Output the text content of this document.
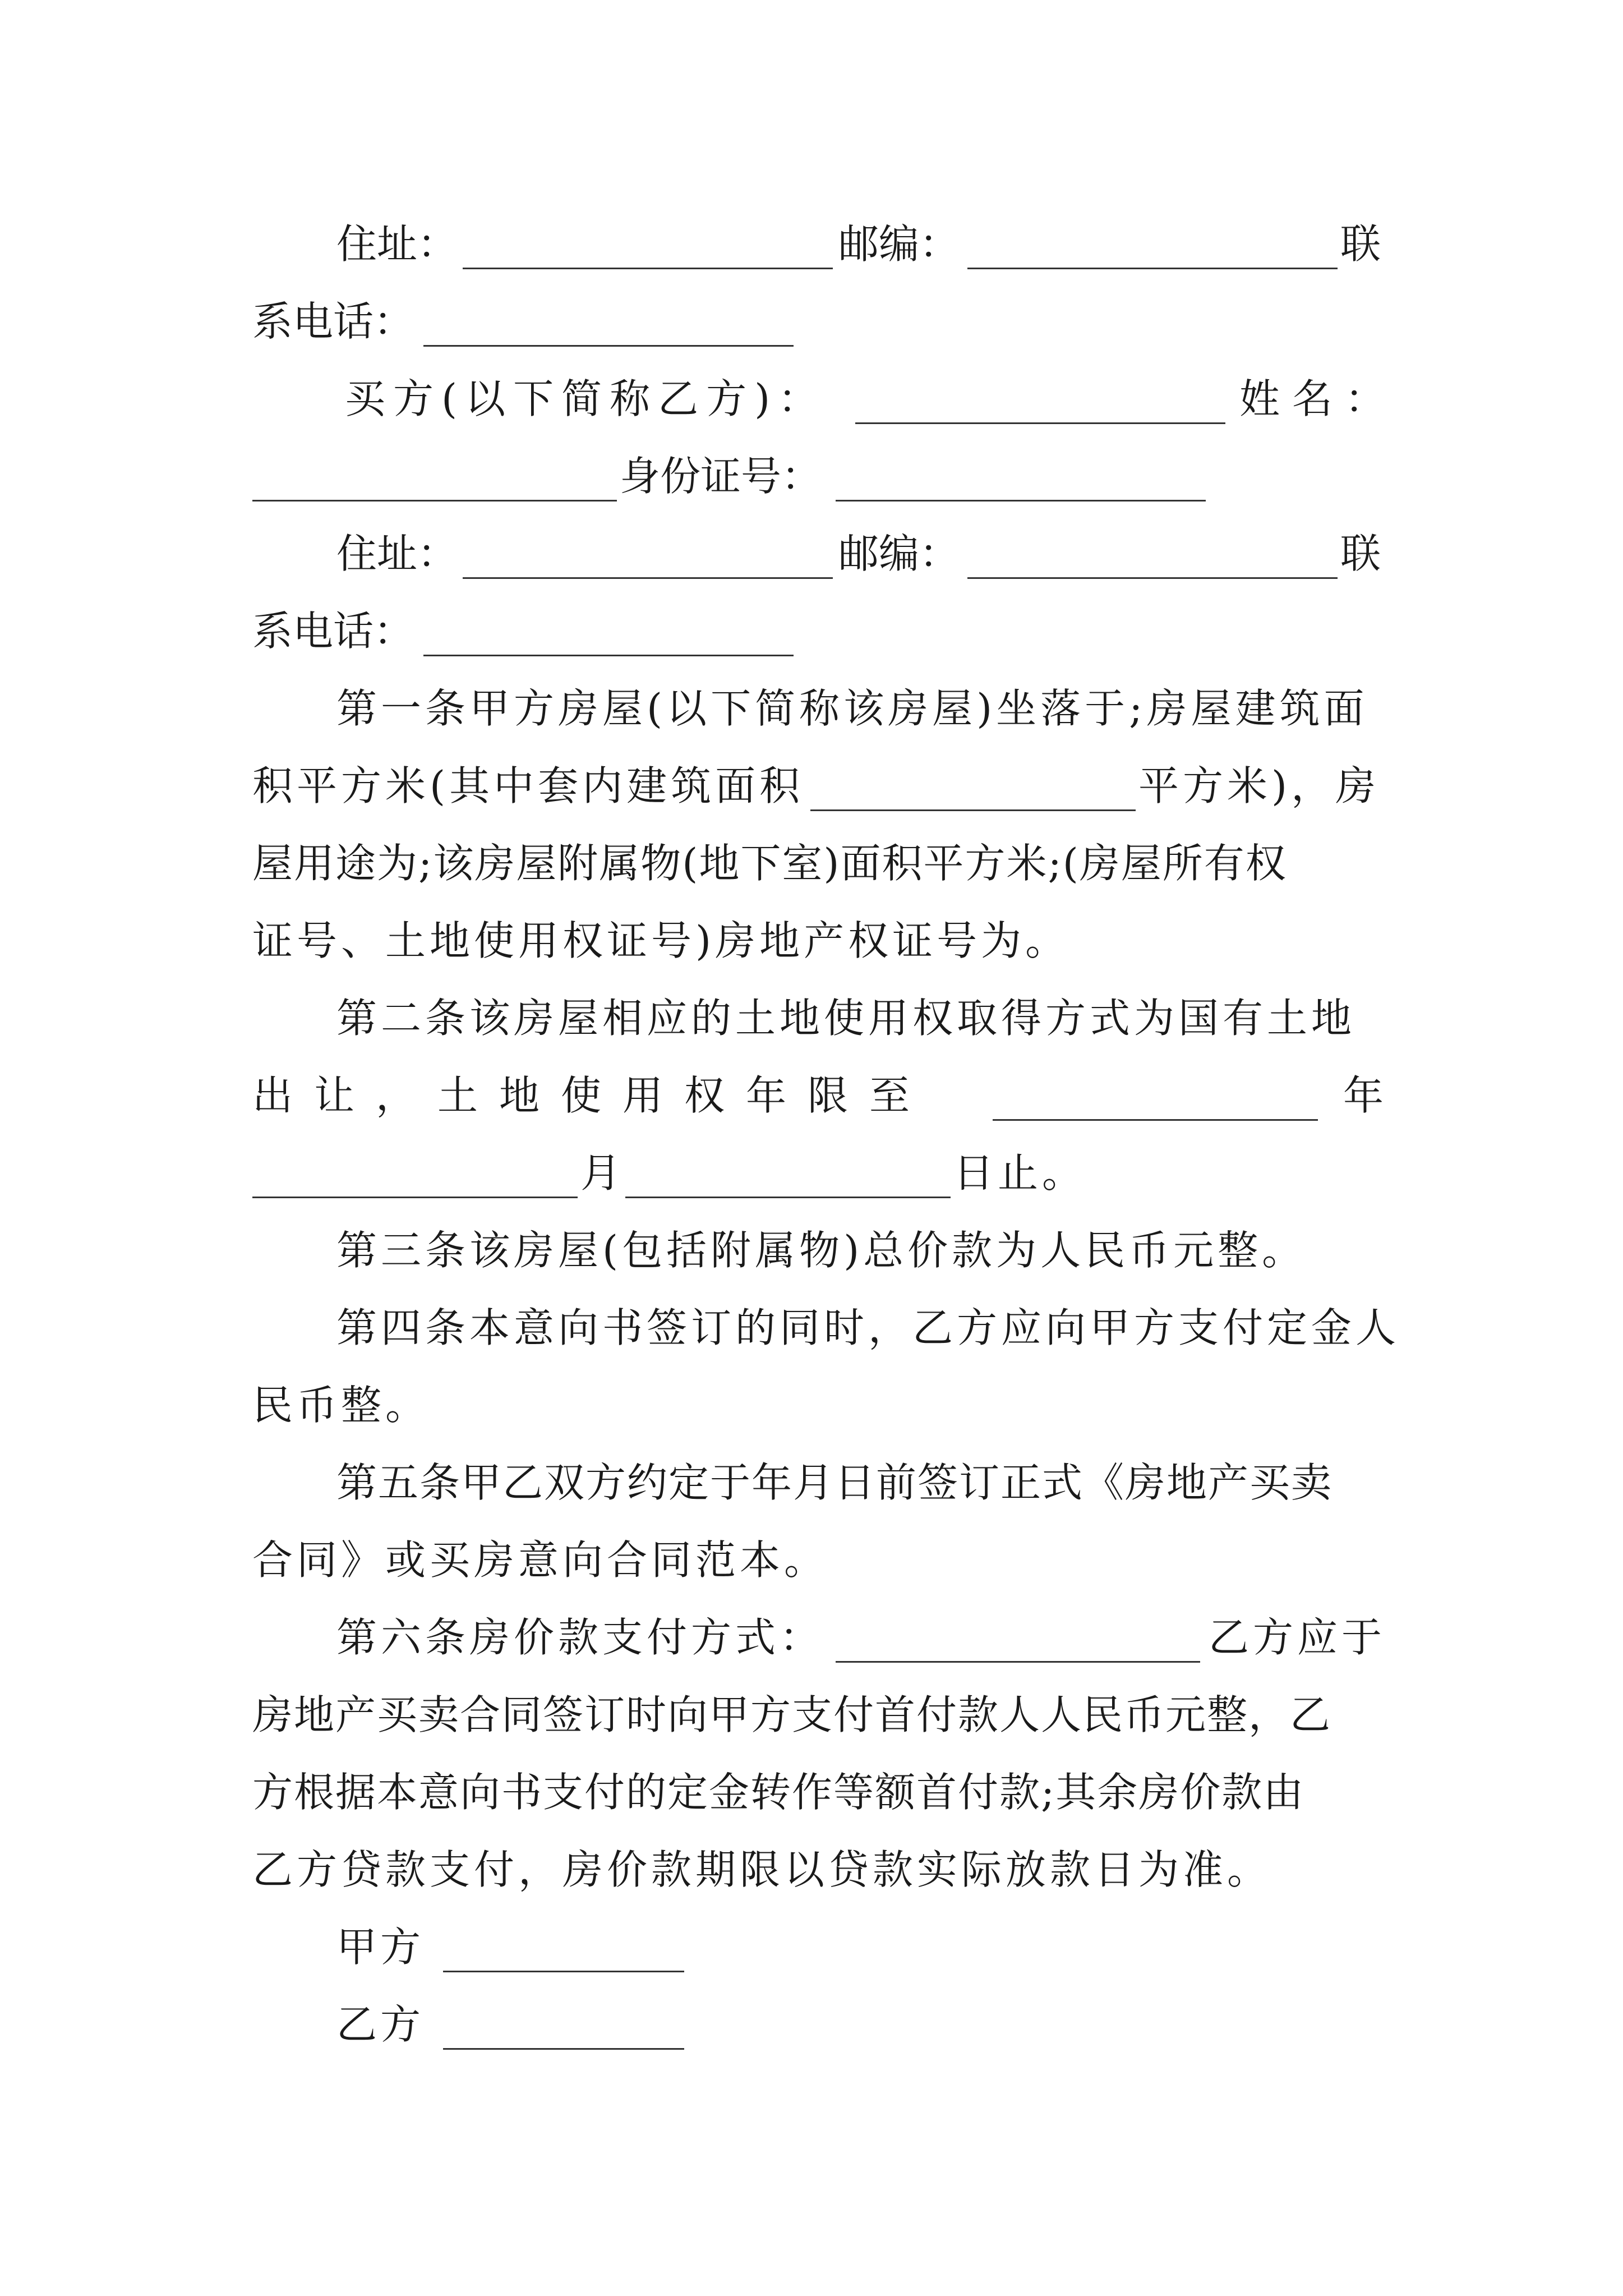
住址：	邮编：	联
系电话：
买方(以下简称乙方)：	姓名：
身份证号：
住址：	邮编：	联
系电话：
第一条甲方房屋(以下简称该房屋)坐落于;房屋建筑面
积平方米(其中套内建筑面积	平方米)，房
屋用途为;该房屋附属物(地下室)面积平方米;(房屋所有权
证号、土地使用权证号)房地产权证号为。
第二条该房屋相应的土地使用权取得方式为国有土地
出让，土地使用权年限至	年
月	日止。
第三条该房屋(包括附属物)总价款为人民币元整。
第四条本意向书签订的同时，乙方应向甲方支付定金人
民币整。
第五条甲乙双方约定于年月日前签订正式《房地产买卖
合同》或买房意向合同范本。
第六条房价款支付方式：	乙方应于
房地产买卖合同签订时向甲方支付首付款人人民币元整，乙
方根据本意向书支付的定金转作等额首付款;其余房价款由
乙方贷款支付，房价款期限以贷款实际放款日为准。
甲方
乙方
